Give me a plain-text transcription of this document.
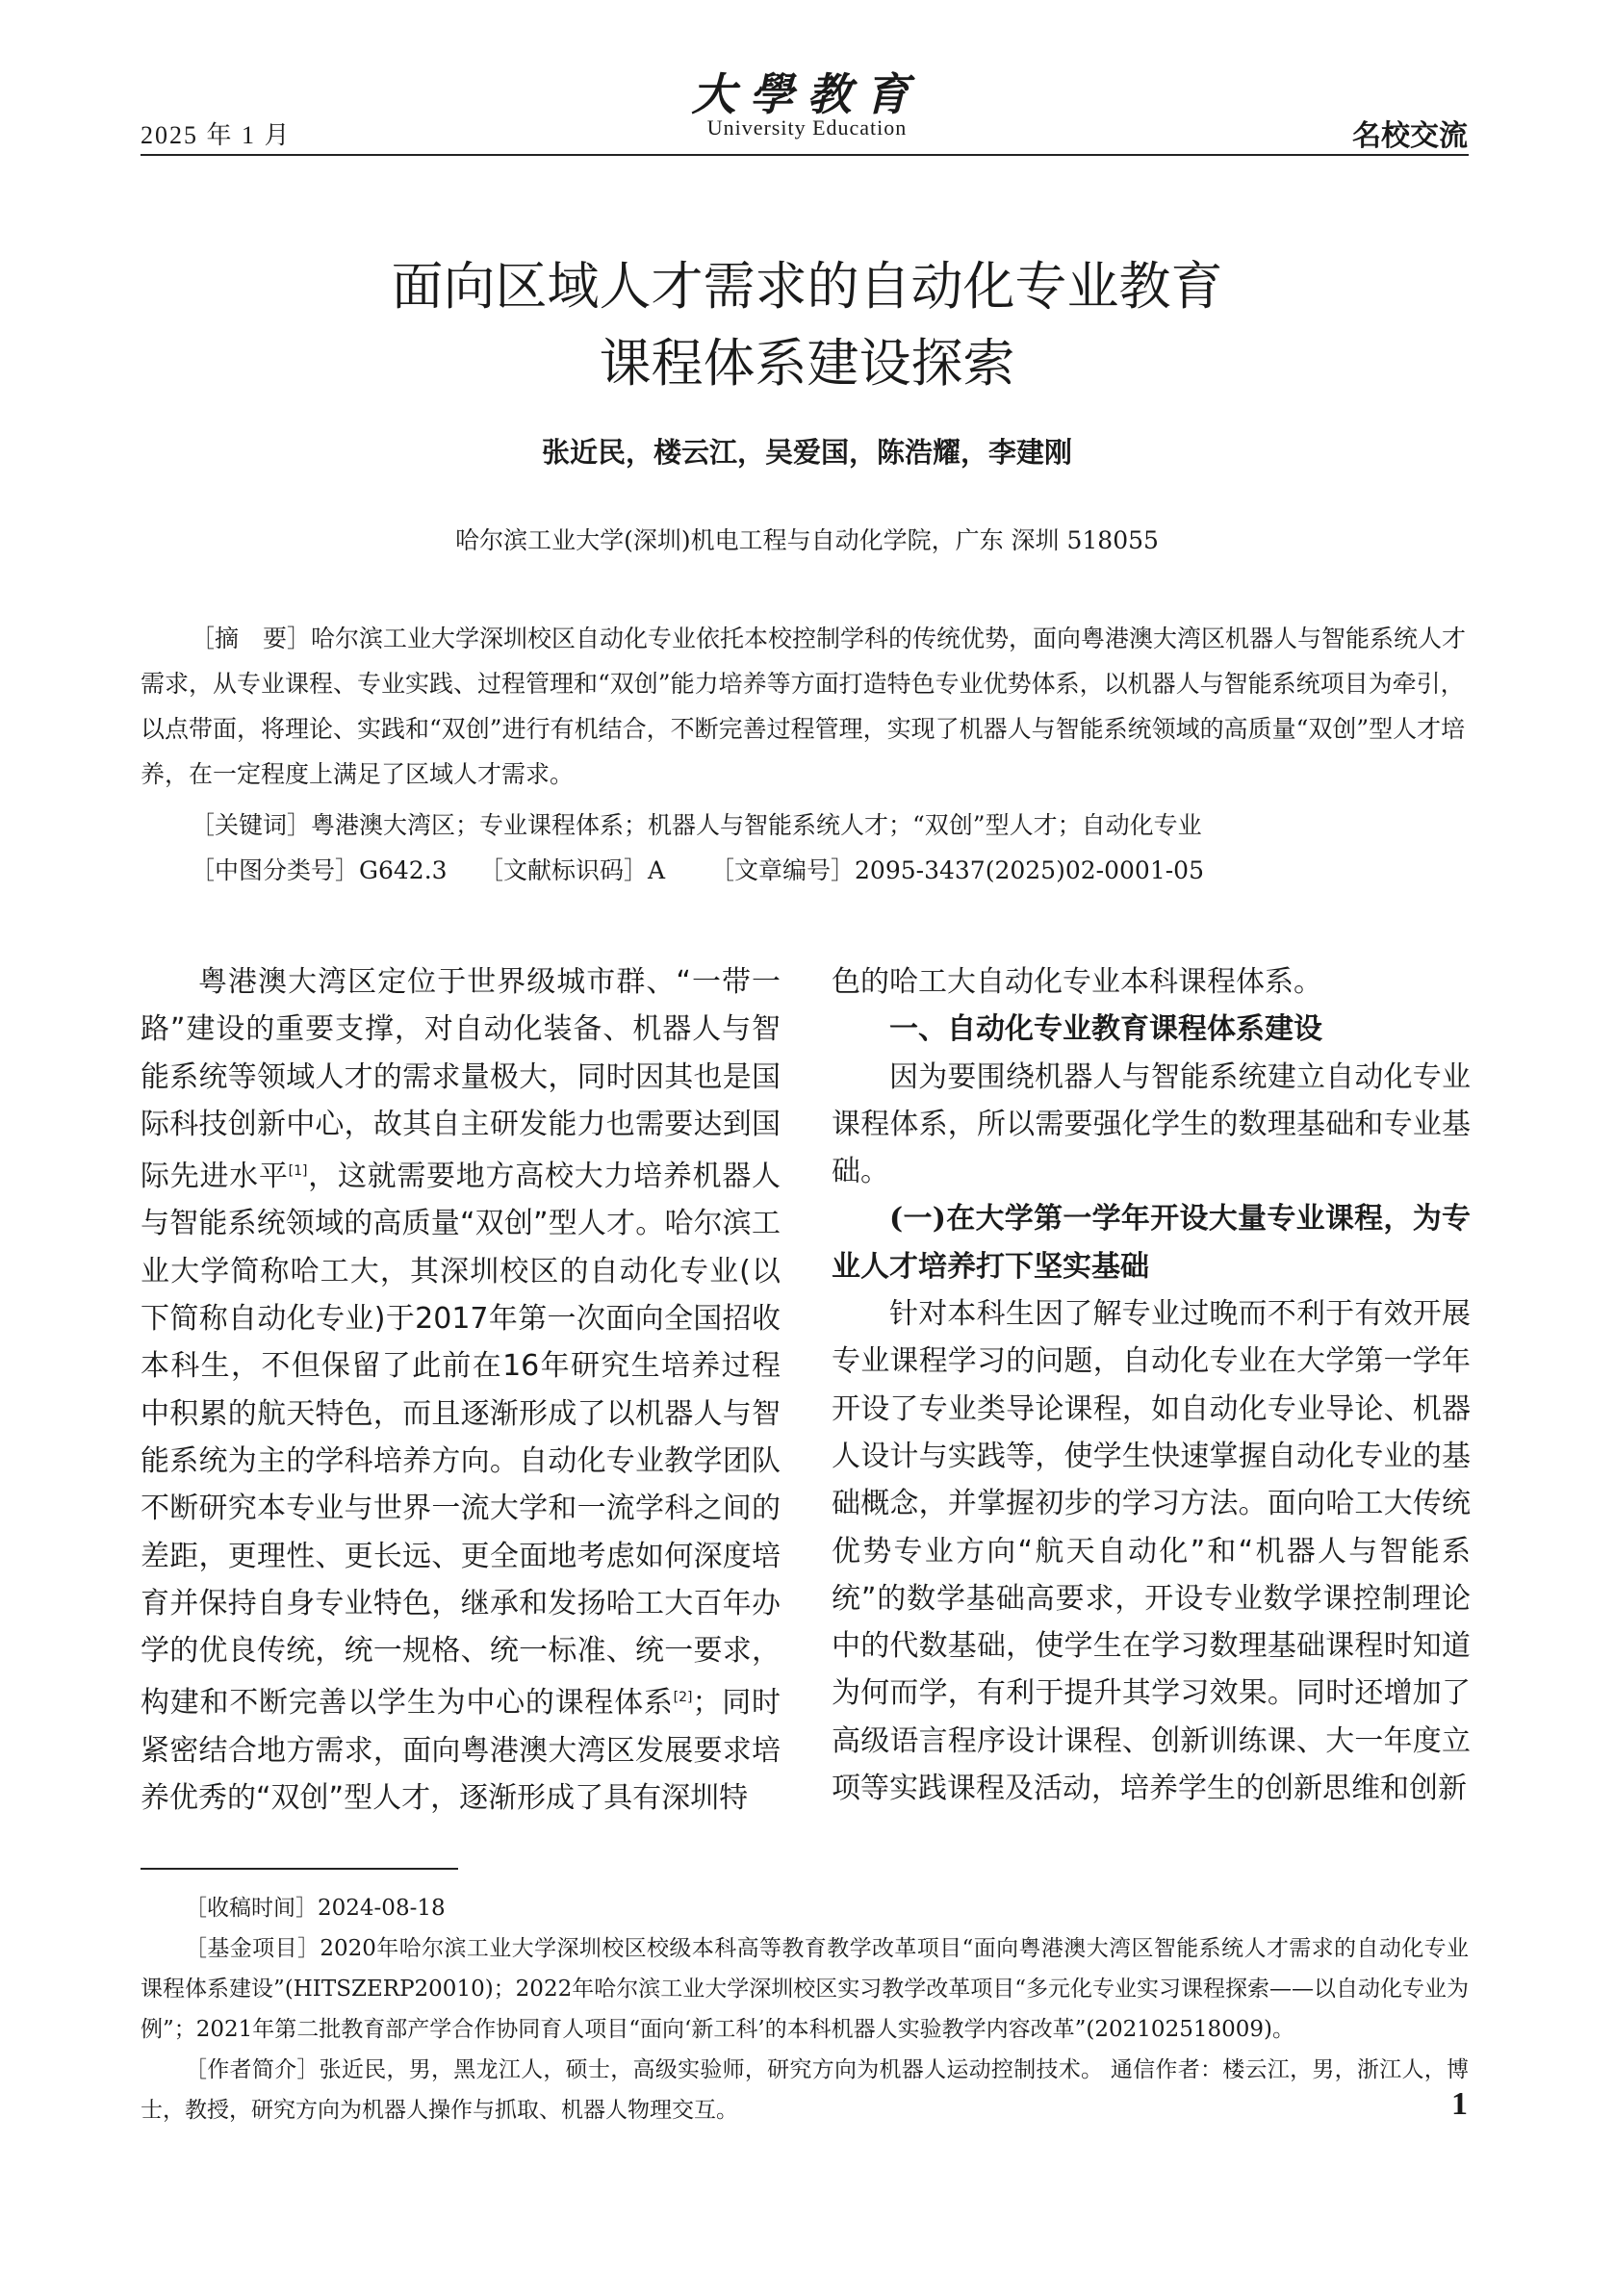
2025 年 1 月
大學教育
University Education	名校交流
面向区域人才需求的自动化专业教育
课程体系建设探索
张近民，楼云江，吴爱国，陈浩耀，李建刚
哈尔滨工业大学(深圳)机电工程与自动化学院，广东 深圳 518055
［摘　要］哈尔滨工业大学深圳校区自动化专业依托本校控制学科的传统优势，面向粤港澳大湾区机器人与智能系统人才需求，从专业课程、专业实践、过程管理和“双创”能力培养等方面打造特色专业优势体系，以机器人与智能系统项目为牵引，以点带面，将理论、实践和“双创”进行有机结合，不断完善过程管理，实现了机器人与智能系统领域的高质量“双创”型人才培养，在一定程度上满足了区域人才需求。
［关键词］粤港澳大湾区；专业课程体系；机器人与智能系统人才；“双创”型人才；自动化专业
［中图分类号］G642.3 ［文献标识码］A ［文章编号］2095-3437(2025)02-0001-05

粤港澳大湾区定位于世界级城市群、“一带一路”建设的重要支撑，对自动化装备、机器人与智能系统等领域人才的需求量极大，同时因其也是国际科技创新中心，故其自主研发能力也需要达到国际先进水平[1]，这就需要地方高校大力培养机器人与智能系统领域的高质量“双创”型人才。哈尔滨工业大学简称哈工大，其深圳校区的自动化专业(以下简称自动化专业)于2017年第一次面向全国招收本科生，不但保留了此前在16年研究生培养过程中积累的航天特色，而且逐渐形成了以机器人与智能系统为主的学科培养方向。自动化专业教学团队不断研究本专业与世界一流大学和一流学科之间的差距，更理性、更长远、更全面地考虑如何深度培育并保持自身专业特色，继承和发扬哈工大百年办学的优良传统，统一规格、统一标准、统一要求，构建和不断完善以学生为中心的课程体系[2]；同时紧密结合地方需求，面向粤港澳大湾区发展要求培养优秀的“双创”型人才，逐渐形成了具有深圳特

色的哈工大自动化专业本科课程体系。

一、自动化专业教育课程体系建设

因为要围绕机器人与智能系统建立自动化专业课程体系，所以需要强化学生的数理基础和专业基础。

(一)在大学第一学年开设大量专业课程，为专业人才培养打下坚实基础

针对本科生因了解专业过晚而不利于有效开展专业课程学习的问题，自动化专业在大学第一学年开设了专业类导论课程，如自动化专业导论、机器人设计与实践等，使学生快速掌握自动化专业的基础概念，并掌握初步的学习方法。面向哈工大传统优势专业方向“航天自动化”和“机器人与智能系统”的数学基础高要求，开设专业数学课控制理论中的代数基础，使学生在学习数理基础课程时知道为何而学，有利于提升其学习效果。同时还增加了高级语言程序设计课程、创新训练课、大一年度立项等实践课程及活动，培养学生的创新思维和创新

［收稿时间］2024-08-18

［基金项目］2020年哈尔滨工业大学深圳校区校级本科高等教育教学改革项目“面向粤港澳大湾区智能系统人才需求的自动化专业课程体系建设”(HITSZERP20010)；2022年哈尔滨工业大学深圳校区实习教学改革项目“多元化专业实习课程探索——以自动化专业为例”；2021年第二批教育部产学合作协同育人项目“面向‘新工科’的本科机器人实验教学内容改革”(202102518009)。

［作者简介］张近民，男，黑龙江人，硕士，高级实验师，研究方向为机器人运动控制技术。 通信作者：楼云江，男，浙江人，博士，教授，研究方向为机器人操作与抓取、机器人物理交互。	1
